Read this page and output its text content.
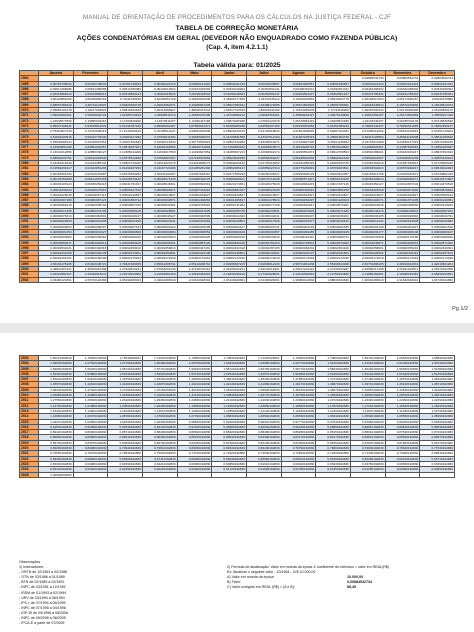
MANUAL DE ORIENTAÇÃO DE PROCEDIMENTOS PARA OS CÁLCULOS NA JUSTIÇA FEDERAL - CJF
TABELA DE CORREÇÃO MONETÁRIA
AÇÕES CONDENATÓRIAS EM GERAL (DEVEDOR NÃO ENQUADRADO COMO FAZENDA PÚBLICA)
(Cap. 4, item 4.2.1.1)
Tabela válida para: 01/2025
	Janeiro	Fevereiro	Março	Abril	Maio	Junho	Julho	Agosto	Setembro	Outubro	Novembro	Dezembro
1964										0,00884542734	0,00884542734	0,00884542734
1965	0,00782738543	0,00782738543	0,00782738543	0,00690121010	0,00690121010	0,00690121010	0,00591935557	0,00591935557	0,00591935557	0,00521621324	0,00521621324	0,00521621324
1966	0,00512286086	0,00512286086	0,00512286086	0,00434019002	0,00434019002	0,00434019002	0,00390251011	0,00390251011	0,00390251011	0,00332498302	0,00332498302	0,00332498302
1967	0,00315896213	0,00315896213	0,00315896213	0,00290118543	0,00290118543	0,00290118543	0,00264501247	0,00264501247	0,00264501247	0,00231785401	0,00231785401	0,00231785401
1968	3,86429856152	3,86429856152	3,73411048236	3,62284557109	3,49615022548	3,38209177836	3,26701545112	3,16240918562	3,06518203778	2,96184517003	2,88172940157	2,80011578820
1969	2,68537489213	2,60741124907	2,54829330718	2,49614562271	2,43185607228	2,38917052341	2,33498170285	2,29671804522	2,25091768301	2,20918446512	2,16572219830	2,12049813374
1970	2,05884104178	2,01117093523	1,96819462108	1,92413058927	1,88520011541	1,84517720319	1,80519044162	1,76514283005	1,72791115209	1,69287500134	1,66178405296	1,63105920172
1971	1,59024582101	1,55618094722	1,52185720643	1,48906511272	1,45830279185	1,42718066214	1,39618451901	1,36509182327	1,33675218840	1,30841052197	1,28174663059	1,25502917418
1972	1,22548071509	1,19895034261	1,17304816290	1,14873511027	1,12390447183	1,09873025186	1,07591220478	1,05318064319	1,03209572256	1,01178346107	0,99185702136	0,97215836540
1973	0,95027108241	0,93158841029	0,91341057160	0,89584502187	0,87859013371	0,86188265038	0,84552007183	0,82918301652	0,81361058210	0,79823440157	0,78290541085	0,76892250147
1974	0,75310827418	0,73762908315	0,72143026910	0,70185514027	0,68051002638	0,65920418376	0,63720015842	0,61501638820	0,59287120481	0,57208319402	0,55234120815	0,53451718204
1975	0,51834220615	0,50412778340	0,49023117290	0,47592611084	0,46185020372	0,44720831556	0,43327512190	0,41907225315	0,40581903748	0,39317220854	0,38064119208	0,36841208510
1976	0,35630285124	0,34418027561	0,33207162840	0,31990718423	0,30774520619	0,29567012480	0,28345619271	0,27130827190	0,25921138452	0,24765211908	0,23640127319	0,22571098156
1977	0,21584561190	0,20681204357	0,19819037261	0,19002168450	0,18220714093	0,17492650182	0,16803018574	0,16149220716	0,15530218842	0,14948620351	0,14387520916	0,13852105627
1978	0,13341012856	0,12856330127	0,12385014208	0,11932017560	0,11499827051	0,11085307213	0,10683902174	0,10295501873	0,09912708563	0,09540288401	0,09182015217	0,08837452190
1979	0,08509102751	0,08192018540	0,07876512839	0,07564820197	0,07248301562	0,06923810456	0,06593201847	0,06248012503	0,05892102148	0,05532018457	0,05168201239	0,04805129163
1980	0,04452018349	0,04120385102	0,03807219042	0,03514820175	0,03234508172	0,02969023410	0,02720318452	0,02491058326	0,02280153740	0,02081263019	0,01897520841	0,01726508230
1981	0,01569230417	0,01423851296	0,01290187253	0,01167720183	0,01055281390	0,00952305147	0,00859027314	0,00775230819	0,00700183521	0,00632501823	0,00570948217	0,00515012934
1982	0,00464581293	0,00419215087	0,00378150294	0,00341102287	0,00307629410	0,00277509218	0,00250408127	0,00225905126	0,00203912057	0,00184012765	0,00166042971	0,00149802415
1983	0,00135150208	0,00121937265	0,00109970142	0,00099174128	0,00089410275	0,00080629401	0,00072712038	0,00065571027	0,00059130165	0,00053326014	0,00048090271	0,00043371902
1984	0,00039105123	0,00035256018	0,00031781027	0,00028648301	0,00025822019	0,00023273651	0,00020975028	0,00018904215	0,00017037126	0,00015354127	0,00013837102	0,00012470518
1985	0,00011238104	0,00010127915	0,00009127310	0,00008225671	0,00007413216	0,00006681027	0,00006021035	0,00005426091	0,00004890150	0,00004407018	0,00003971902	0,00003579812
1986	0,00003226018	0,00002907113	0,00002619827	0,00002619827	0,00002619827	0,00002619827	0,00002619827	0,00002619827	0,00002619827	0,00002619827	0,00002619827	0,00002508124
1987	0,00002307189	0,00002087123	0,00001860712	0,00001632571	0,00001408263	0,00001205817	0,00001178513	0,00001150297	0,00001128103	0,00001104071	0,00001071205	0,00001029351
1988	0,00000982019	0,00000935704	0,00000887015	0,00000836281	0,00000784916	0,00000731284	0,00000677108	0,00000623917	0,00000570281	0,00000518026	0,00000466830	0,00000418209
1989	0,00000372105	0,00000372105	0,00000350218	0,00000325501	0,00000297029	0,00000265730	0,00000233501	0,00000201829	0,00000171630	0,00000144172	0,00000119501	0,00000097812
1990	0,00000079213	0,00000062501	0,00000048127	0,00000048127	0,00000046509	0,00000044320	0,00000041831	0,00000039007	0,00000036201	0,00000033105	0,00000029846	0,00000026791
1991	0,00000023820	0,00000021208	0,00000021208	0,00000020431	0,00000019652	0,00000018801	0,00000017930	0,00000016877	0,00000015610	0,00000014102	0,00000012508	0,00000010982
1992	0,00000009604	0,00000008307	0,00000007154	0,00000006122	0,00000005209	0,00000004427	0,00000003741	0,00000003149	0,00000002636	0,00000002198	0,00000001827	0,00000001516
1993	0,00000001254	0,00000001027	0,00000000840	0,00000000684	0,00000000554	0,00000000446	0,00000000357	0,00000000285	0,00000000225	0,00000000177	0,00000000138	0,00000000107
1994	0,00000000082	0,00000000062	0,00000000046	0,00000000034	0,00000000025	0,00000000018	0,00003633640	0,00003423110	0,00003288721	0,00003231608	0,00003170185	0,00003098220
1995	0,00003050217	0,00003020912	0,00002989108	0,00002936201	0,00002887120	0,00002832018	0,00002781203	0,00002728501	0,00002679003	0,00002640871	0,00002606501	0,00002571022
1996	0,00002531021	0,00002492018	0,00002468102	0,00002459813	0,00002447201	0,00002422318	0,00002387105	0,00002368201	0,00002364109	0,00002358601	0,00002355210	0,00002349301
1997	0,00002331208	0,00002290105	0,00002273201	0,00002252801	0,00002242108	0,00002238801	0,00002234901	0,00002232107	0,00002231501	0,00002228302	0,00002222110	0,00002207104
1998	0,00002191201	0,00002180108	0,00002175203	0,00002172018	0,00002172018	0,00002172018	0,00002172018	0,00002172018	0,00002172018	0,00002172018	0,00002172018	0,00002172018
1999	2,84163178105	2,81923108721	2,74621509305	2,65912208731	2,65143208710	2,64908307215	2,62930812109	2,58731901238	2,55490613208	2,52731098105	2,48190012831	2,42018301204
2000	2,39811207321	2,38420912308	2,37920810231	2,37618201239	2,37418702310	2,36108102231	2,33241012301	2,29017210324	2,27230109287	2,26590217308	2,26091023871	2,25370192308
2001	2,24310982107	2,23440918211	2,22870910382	2,21603981203	2,19910283018	2,19230198210	2,17301928031	2,14210392810	2,12750192830	2,11850192301	2,10090192381	2,08290103821
2002	2,06480129301	2,05740192380	2,05190283019	2,04610283019	2,03410928301	2,03130928301	2,01430928301	1,99960192830	1,98840192830	1,96910283019	1,91820928301	1,84730192830
Pg 1/2
2003	1,80210392810	1,75830192830	1,73630928301	1,71940192830	1,70680192830	1,70830192830	1,71210928301	1,70990192830	1,70600192830	1,69740192830	1,69540192830	1,68990192830
2004	1,68530192830	1,67540192830	1,67150192830	1,66480192830	1,65750192830	1,64840192830	1,63980192830	1,62770192830	1,62260192830	1,61910192830	1,61460192830	1,60740192830
2005	1,59990192830	1,59420192830	1,58720192830	1,57710192830	1,56940192830	1,56720192830	1,56760192830	1,56770192830	1,56630192830	1,56220192830	1,55360192830	1,54780192830
2006	1,54310192830	1,53860192830	1,53440192830	1,53020192830	1,52720192830	1,52540192830	1,52570192830	1,52390192830	1,52400192830	1,52140192830	1,51620192830	1,51250192830
2007	1,50640192830	1,50160192830	1,49750192830	1,49260192830	1,49000192830	1,48640192830	1,48320192830	1,47880192830	1,47430192830	1,47180192830	1,46870192830	1,46290192830
2008	1,45570192830	1,44810192830	1,44280192830	1,43870192830	1,43210192830	1,42140192830	1,41060192830	1,40170192830	1,39970192830	1,39710192830	1,39130192830	1,38710192830
2009	1,38240192830	1,37810192830	1,37490192830	1,37150192830	1,36730192830	1,36120192830	1,35520192830	1,35240192830	1,35070192830	1,34870192830	1,34540192830	1,34180192830
2010	1,33980192830	1,33280192830	1,32390192830	1,31840192830	1,31410192830	1,30840192830	1,30770192830	1,30790192830	1,30930192830	1,30520192830	1,29510192830	1,28210192830
2011	1,27550192830	1,26810192830	1,26180192830	1,25450192830	1,24660192830	1,24190192830	1,24030192830	1,23990192830	1,23720192830	1,23320192830	1,22990192830	1,22390192830
2012	1,21700192830	1,21080192830	1,20560192830	1,20400192830	1,19630192830	1,19160192830	1,18850192830	1,18350192830	1,17820192830	1,17210192830	1,16540192830	1,16040192830
2013	1,15430192830	1,14600192830	1,14030192830	1,13510192830	1,12900192830	1,12550192830	1,12240192830	1,12400192830	1,12160192830	1,11870192830	1,11260192830	1,10740192830
2014	1,10080192830	1,09370192830	1,08780192830	1,07930192830	1,07190192830	1,06830192830	1,06540192830	1,06530192830	1,06340192830	1,05990192830	1,05550192830	1,05090192830
2015	1,04370192830	1,03050192830	1,01830192830	1,00390192830	0,99840192830	0,99100192830	0,98310192830	0,97770192830	0,97540192830	0,97080192830	0,96330192830	0,95360192830
2016	0,94520192830	0,93390192830	0,92530192830	0,92120192830	0,91620192830	0,90980192830	0,90640192830	0,90230192830	0,89880192830	0,89810192830	0,89640192830	0,89530192830
2017	0,89420192830	0,89000192830	0,88740192830	0,88480192830	0,88320192830	0,88320192830	0,88480192830	0,88280192830	0,88150192830	0,88010192830	0,87640192830	0,87290192830
2018	0,86860192830	0,86650192830	0,86510192830	0,86350192830	0,86150192830	0,85640192830	0,84400192830	0,84170192830	0,84170192830	0,83870192830	0,83620192830	0,83870192830
2019	0,83700192830	0,83570192830	0,83090192830	0,82700192830	0,82250192830	0,82180192830	0,82100192830	0,81950192830	0,81850192830	0,81870192830	0,81800192830	0,81370192830
2020	0,80280192830	0,80080192830	0,79940192830	0,79810192830	0,80030192830	0,80340192830	0,80100192830	0,79790192830	0,79600192830	0,79000192830	0,78320192830	0,77630192830
2021	0,76550192830	0,76370192830	0,75830192830	0,75040192830	0,74740192830	0,74020192830	0,73630192830	0,72840192830	0,72200192830	0,71100192830	0,70280192830	0,69540192830
2022	0,69200192830	0,68820192830	0,68300192830	0,67110192830	0,66360192830	0,66030192830	0,65560192830	0,66010192830	0,66160192830	0,66290192830	0,66100192830	0,65710192830
2023	0,65330192830	0,64980192830	0,64590192830	0,64210192830	0,63960192830	0,63850192830	0,64010192830	0,64020192830	0,63930192830	0,63760192830	0,63650192830	0,63390192830
2024	0,63120192830	0,62920192830	0,62390192830	0,62220192830	0,62000192830	0,61720192830	0,61590192830	0,61350192830	0,61350192830	0,61250192830	0,60900192830	0,60520192830
2025	1,00000000000											
Observações
1) Indexadores:
- ORTN de 10/1964 a 02/1986
- OTN de 03/1986 a 01/1989
- BTN de 02/1989 a 02/1991
- INPC de 03/1991 a 12/1992
- IRSM de 01/1993 a 02/1994
- URV de 03/1994 a 06/1994
- IPC-r de 07/1994 a 06/1995
- INPC de 07/1995 a 04/1996
- IGP-DI de 05/1996 a 08/2006
- INPC de 09/2006 a 06/2009
- IPCA-E a partir de 07/2009
2) Fórmula de atualização: Valor em moeda da época X coeficiente do mês/ano = valor em REAL(R$)
Ex: Atualizar o seguinte valor - 10/1964 - Cr$ 10.000,00
A) Valor em moeda da época:	10.000,00
B) Fator:	0,00884542734
C) Valor corrigido em REAL (R$) = (A x B):	88,45
